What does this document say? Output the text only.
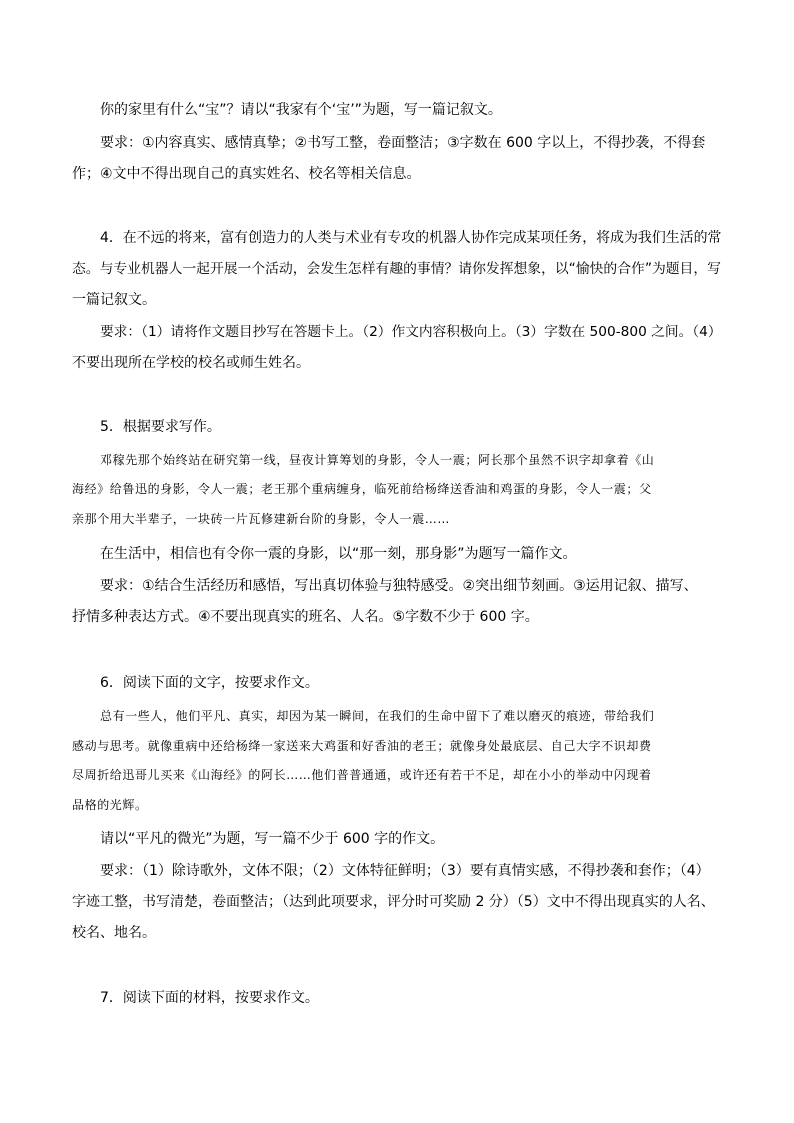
你的家里有什么“宝”？请以“我家有个‘宝’”为题，写一篇记叙文。
要求：①内容真实、感情真挚；②书写工整，卷面整洁；③字数在 600 字以上，不得抄袭，不得套
作；④文中不得出现自己的真实姓名、校名等相关信息。
4．在不远的将来，富有创造力的人类与术业有专攻的机器人协作完成某项任务，将成为我们生活的常
态。与专业机器人一起开展一个活动，会发生怎样有趣的事情？请你发挥想象，以“愉快的合作”为题目，写
一篇记叙文。
要求：（1）请将作文题目抄写在答题卡上。（2）作文内容积极向上。（3）字数在 500-800 之间。（4）
不要出现所在学校的校名或师生姓名。
5．根据要求写作。
邓稼先那个始终站在研究第一线，昼夜计算筹划的身影，令人一震；阿长那个虽然不识字却拿着《山
海经》给鲁迅的身影，令人一震；老王那个重病缠身，临死前给杨绛送香油和鸡蛋的身影，令人一震；父
亲那个用大半辈子，一块砖一片瓦修建新台阶的身影，令人一震……
在生活中，相信也有令你一震的身影，以“那一刻，那身影”为题写一篇作文。
要求：①结合生活经历和感悟，写出真切体验与独特感受。②突出细节刻画。③运用记叙、描写、
抒情多种表达方式。④不要出现真实的班名、人名。⑤字数不少于 600 字。
6．阅读下面的文字，按要求作文。
总有一些人，他们平凡、真实，却因为某一瞬间，在我们的生命中留下了难以磨灭的痕迹，带给我们
感动与思考。就像重病中还给杨绛一家送来大鸡蛋和好香油的老王；就像身处最底层、自己大字不识却费
尽周折给迅哥儿买来《山海经》的阿长……他们普普通通，或许还有若干不足，却在小小的举动中闪现着
品格的光辉。
请以“平凡的微光”为题，写一篇不少于 600 字的作文。
要求：（1）除诗歌外，文体不限；（2）文体特征鲜明；（3）要有真情实感，不得抄袭和套作；（4）
字迹工整，书写清楚，卷面整洁；（达到此项要求，评分时可奖励 2 分）（5）文中不得出现真实的人名、
校名、地名。
7．阅读下面的材料，按要求作文。
